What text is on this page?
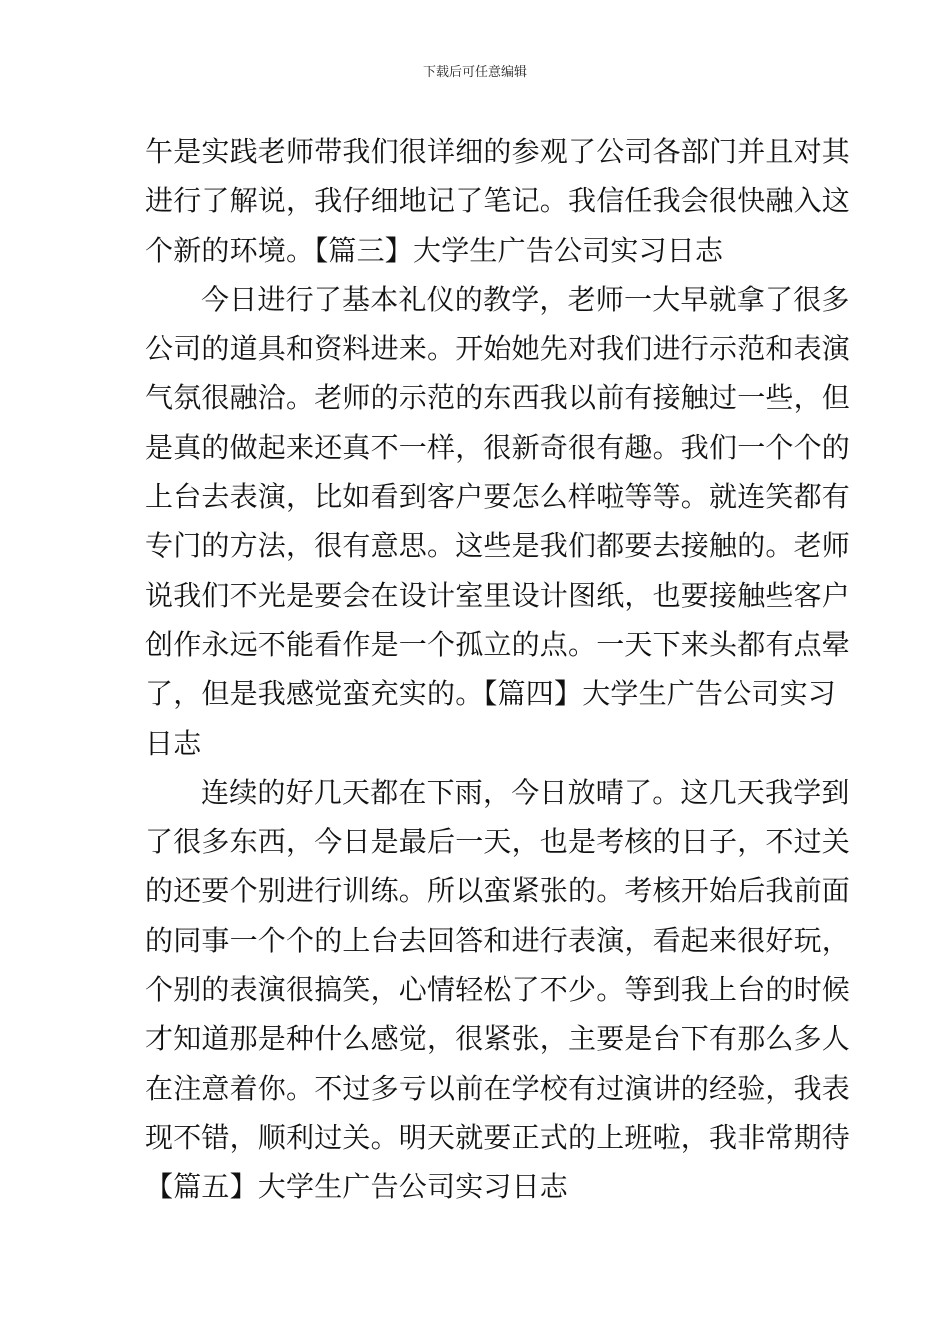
下载后可任意编辑
午是实践老师带我们很详细的参观了公司各部门并且对其
进行了解说，我仔细地记了笔记。我信任我会很快融入这
个新的环境。【篇三】大学生广告公司实习日志
今日进行了基本礼仪的教学，老师一大早就拿了很多
公司的道具和资料进来。开始她先对我们进行示范和表演
气氛很融洽。老师的示范的东西我以前有接触过一些，但
是真的做起来还真不一样，很新奇很有趣。我们一个个的
上台去表演，比如看到客户要怎么样啦等等。就连笑都有
专门的方法，很有意思。这些是我们都要去接触的。老师
说我们不光是要会在设计室里设计图纸，也要接触些客户
创作永远不能看作是一个孤立的点。一天下来头都有点晕
了，但是我感觉蛮充实的。【篇四】大学生广告公司实习
日志
连续的好几天都在下雨，今日放晴了。这几天我学到
了很多东西，今日是最后一天，也是考核的日子，不过关
的还要个别进行训练。所以蛮紧张的。考核开始后我前面
的同事一个个的上台去回答和进行表演，看起来很好玩，
个别的表演很搞笑，心情轻松了不少。等到我上台的时候
才知道那是种什么感觉，很紧张，主要是台下有那么多人
在注意着你。不过多亏以前在学校有过演讲的经验，我表
现不错，顺利过关。明天就要正式的上班啦，我非常期待
【篇五】大学生广告公司实习日志
